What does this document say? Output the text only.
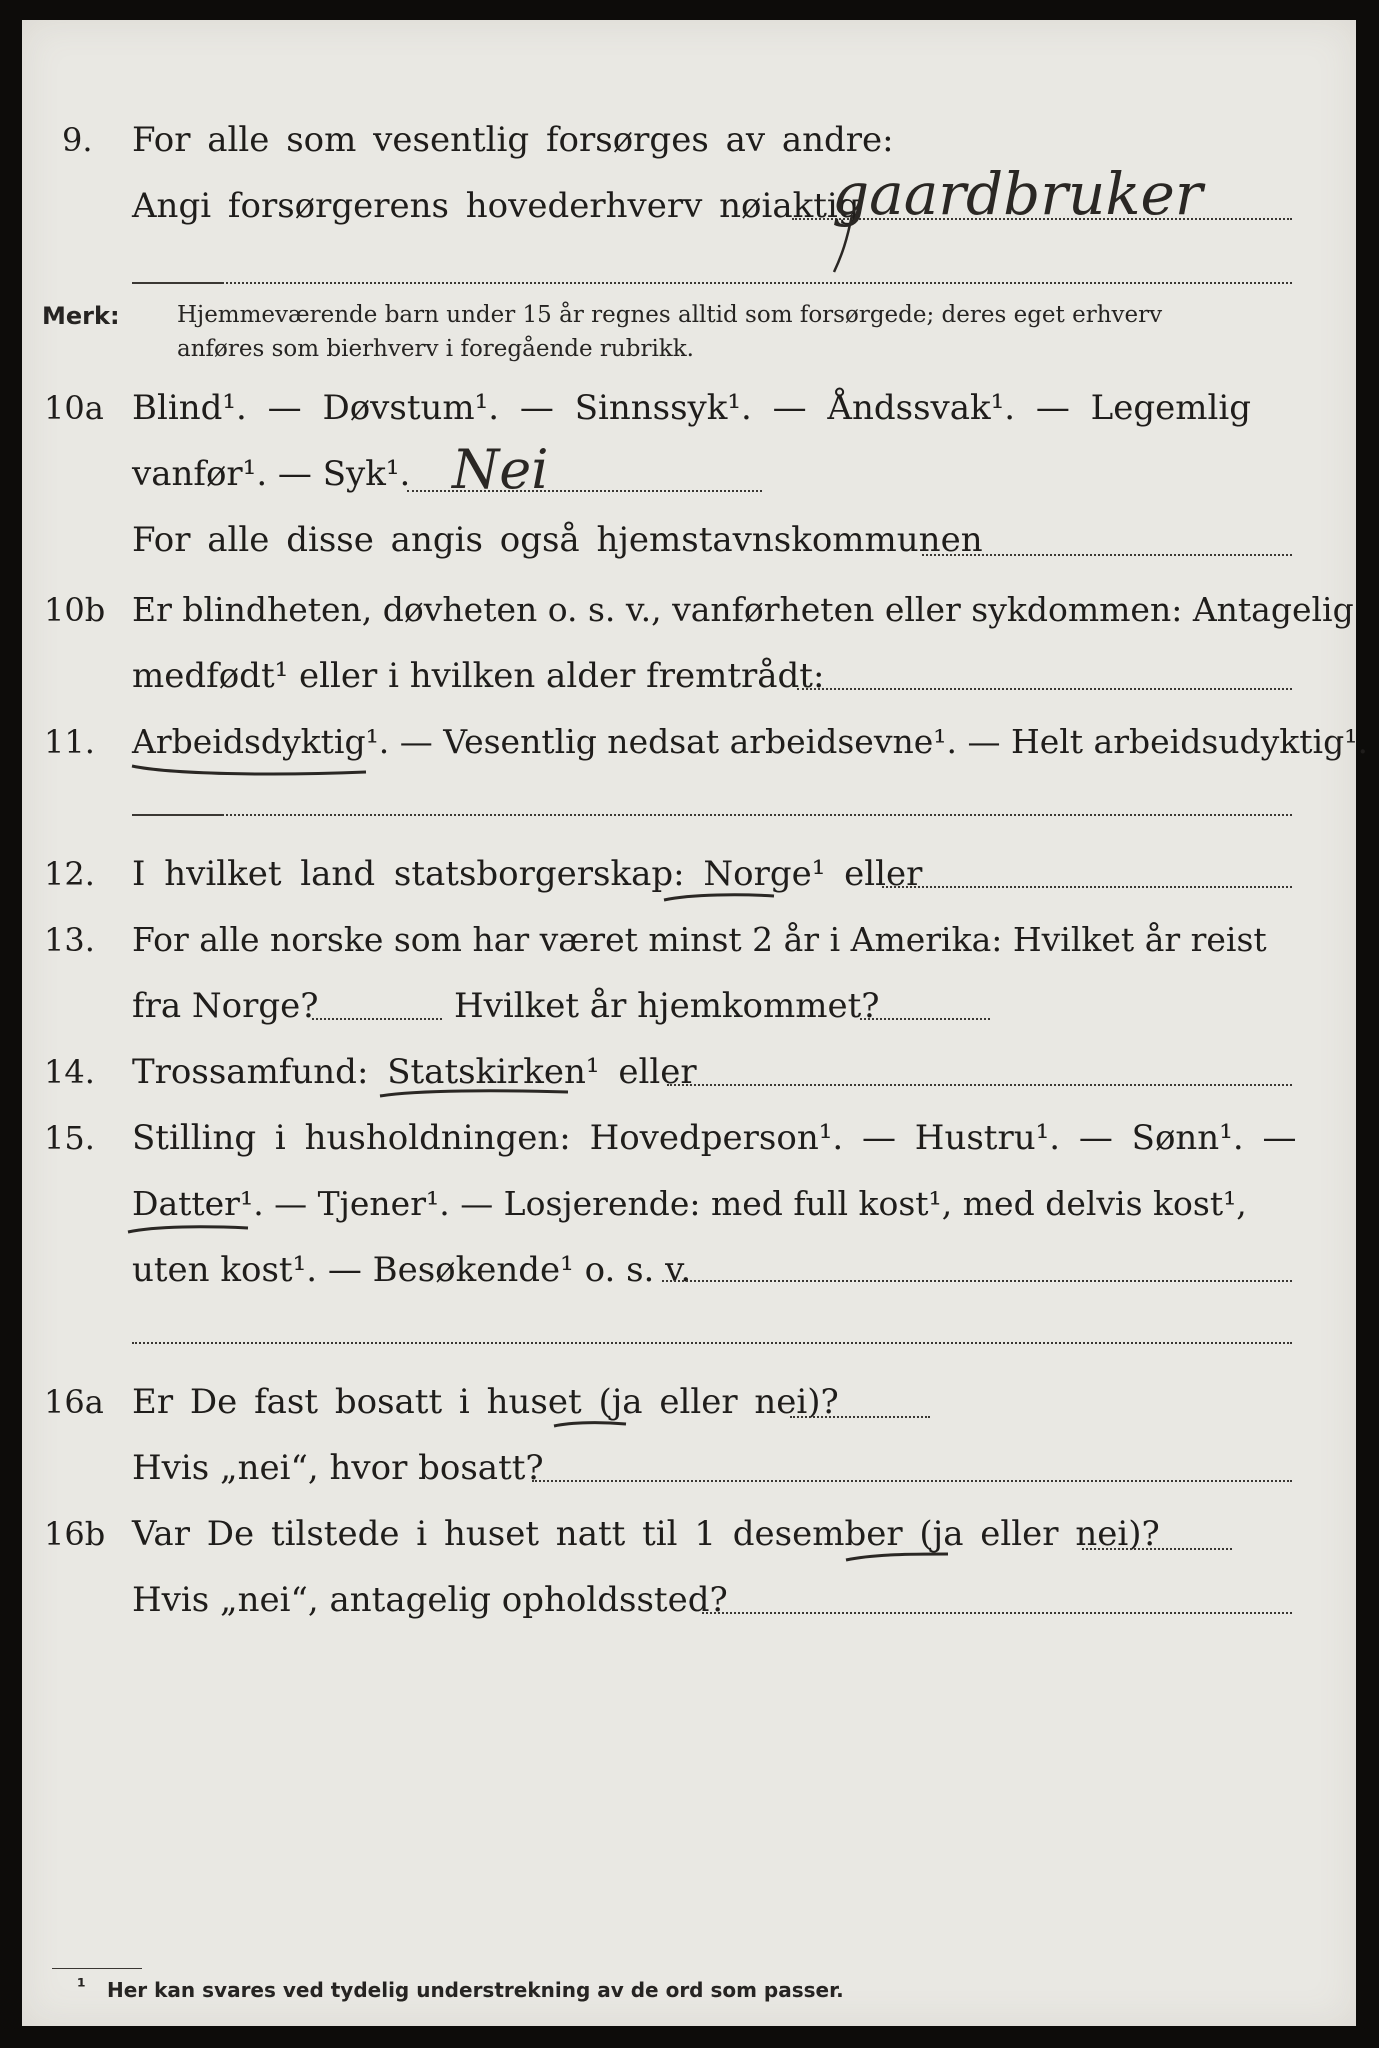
9. For alle som vesentlig forsørges av andre:
Angi forsørgerens hovederhverv nøiaktig
gaardbruker
Merk: Hjemmeværende barn under 15 år regnes alltid som forsørgede; deres eget erhverv
anføres som bierhverv i foregående rubrikk.
10a Blind¹. — Døvstum¹. — Sinnssyk¹. — Åndssvak¹. — Legemlig
vanfør¹. — Syk¹. Nei
For alle disse angis også hjemstavnskommunen
10b Er blindheten, døvheten o. s. v., vanførheten eller sykdommen: Antagelig
medfødt¹ eller i hvilken alder fremtrådt:
11. Arbeidsdyktig¹. — Vesentlig nedsat arbeidsevne¹. — Helt arbeidsudyktig¹.
12. I hvilket land statsborgerskap: Norge¹ eller
13. For alle norske som har været minst 2 år i Amerika: Hvilket år reist
fra Norge?	Hvilket år hjemkommet?
14. Trossamfund: Statskirken¹ eller
15. Stilling i husholdningen: Hovedperson¹. — Hustru¹. — Sønn¹. —
Datter¹. — Tjener¹. — Losjerende: med full kost¹, med delvis kost¹,
uten kost¹. — Besøkende¹ o. s. v.
16a Er De fast bosatt i huset (ja eller nei)?
Hvis „nei“, hvor bosatt?
16b Var De tilstede i huset natt til 1 desember (ja eller nei)?
Hvis „nei“, antagelig opholdssted?
¹ Her kan svares ved tydelig understrekning av de ord som passer.
